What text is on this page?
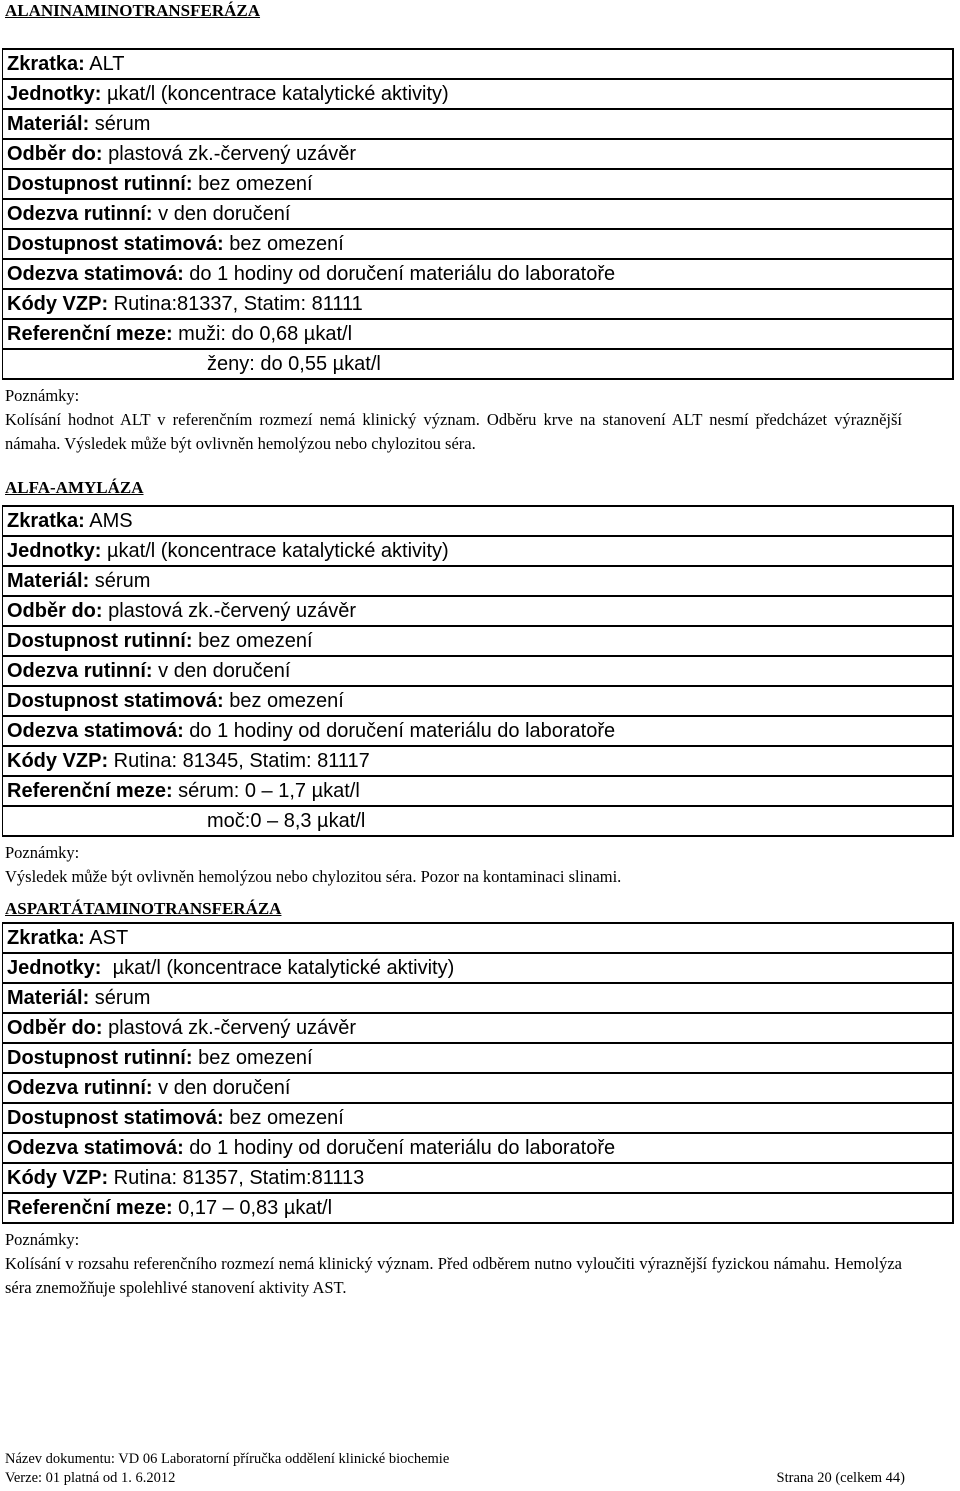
ALANINAMINOTRANSFERÁZA
Zkratka: ALT
Jednotky: µkat/l (koncentrace katalytické aktivity)
Materiál: sérum
Odběr do: plastová zk.-červený uzávěr
Dostupnost rutinní: bez omezení
Odezva rutinní: v den doručení
Dostupnost statimová: bez omezení
Odezva statimová: do 1 hodiny od doručení materiálu do laboratoře
Kódy VZP: Rutina:81337, Statim: 81111
Referenční meze: muži: do 0,68 µkat/l
ženy: do 0,55 µkat/l
Poznámky:
Kolísání hodnot ALT v referenčním rozmezí nemá klinický význam. Odběru krve na stanovení ALT nesmí předcházet výraznější námaha. Výsledek může být ovlivněn hemolýzou nebo chylozitou séra.
ALFA-AMYLÁZA
Zkratka: AMS
Jednotky: µkat/l (koncentrace katalytické aktivity)
Materiál: sérum
Odběr do: plastová zk.-červený uzávěr
Dostupnost rutinní: bez omezení
Odezva rutinní: v den doručení
Dostupnost statimová: bez omezení
Odezva statimová: do 1 hodiny od doručení materiálu do laboratoře
Kódy VZP: Rutina: 81345, Statim: 81117
Referenční meze: sérum: 0 – 1,7 µkat/l
moč:0 – 8,3 µkat/l
Poznámky:
Výsledek může být ovlivněn hemolýzou nebo chylozitou séra. Pozor na kontaminaci slinami.
ASPARTÁTAMINOTRANSFERÁZA
Zkratka: AST
Jednotky:  µkat/l (koncentrace katalytické aktivity)
Materiál: sérum
Odběr do: plastová zk.-červený uzávěr
Dostupnost rutinní: bez omezení
Odezva rutinní: v den doručení
Dostupnost statimová: bez omezení
Odezva statimová: do 1 hodiny od doručení materiálu do laboratoře
Kódy VZP: Rutina: 81357, Statim:81113
Referenční meze: 0,17 – 0,83 µkat/l
Poznámky:
Kolísání v rozsahu referenčního rozmezí nemá klinický význam. Před odběrem nutno vyloučiti výraznější fyzickou námahu. Hemolýza séra znemožňuje spolehlivé stanovení aktivity AST.
Název dokumentu: VD 06 Laboratorní příručka oddělení klinické biochemie
Verze: 01 platná od 1. 6.2012	Strana 20 (celkem 44)
